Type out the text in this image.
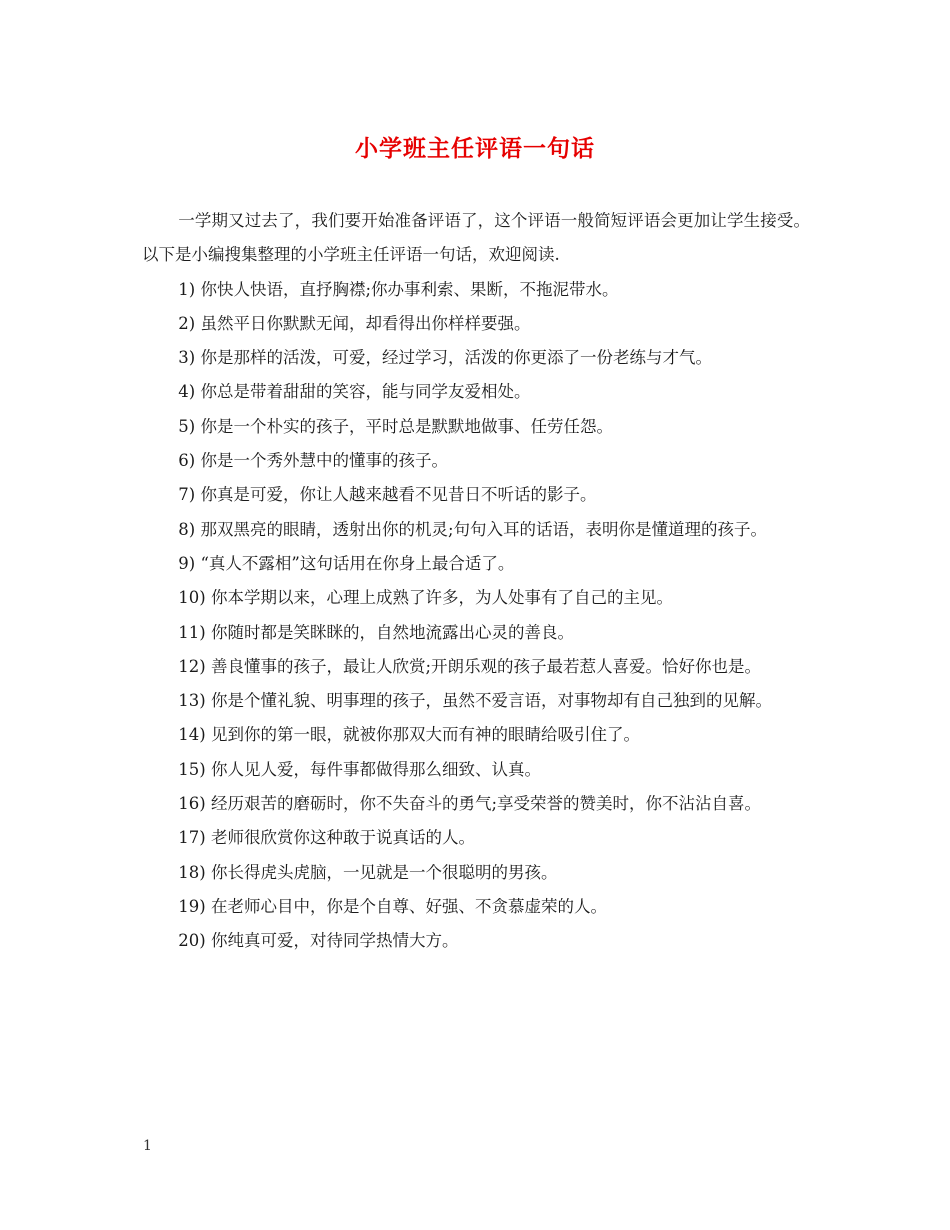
小学班主任评语一句话

一学期又过去了，我们要开始准备评语了，这个评语一般简短评语会更加让学生接受。以下是小编搜集整理的小学班主任评语一句话，欢迎阅读.

1) 你快人快语，直抒胸襟;你办事利索、果断，不拖泥带水。

2) 虽然平日你默默无闻，却看得出你样样要强。

3) 你是那样的活泼，可爱，经过学习，活泼的你更添了一份老练与才气。

4) 你总是带着甜甜的笑容，能与同学友爱相处。

5) 你是一个朴实的孩子，平时总是默默地做事、任劳任怨。

6) 你是一个秀外慧中的懂事的孩子。

7) 你真是可爱，你让人越来越看不见昔日不听话的影子。

8) 那双黑亮的眼睛，透射出你的机灵;句句入耳的话语，表明你是懂道理的孩子。

9) “真人不露相”这句话用在你身上最合适了。

10) 你本学期以来，心理上成熟了许多，为人处事有了自己的主见。

11) 你随时都是笑眯眯的，自然地流露出心灵的善良。

12) 善良懂事的孩子，最让人欣赏;开朗乐观的孩子最若惹人喜爱。恰好你也是。

13) 你是个懂礼貌、明事理的孩子，虽然不爱言语，对事物却有自己独到的见解。

14) 见到你的第一眼，就被你那双大而有神的眼睛给吸引住了。

15) 你人见人爱，每件事都做得那么细致、认真。

16) 经历艰苦的磨砺时，你不失奋斗的勇气;享受荣誉的赞美时，你不沾沾自喜。

17) 老师很欣赏你这种敢于说真话的人。

18) 你长得虎头虎脑，一见就是一个很聪明的男孩。

19) 在老师心目中，你是个自尊、好强、不贪慕虚荣的人。

20) 你纯真可爱，对待同学热情大方。

1
